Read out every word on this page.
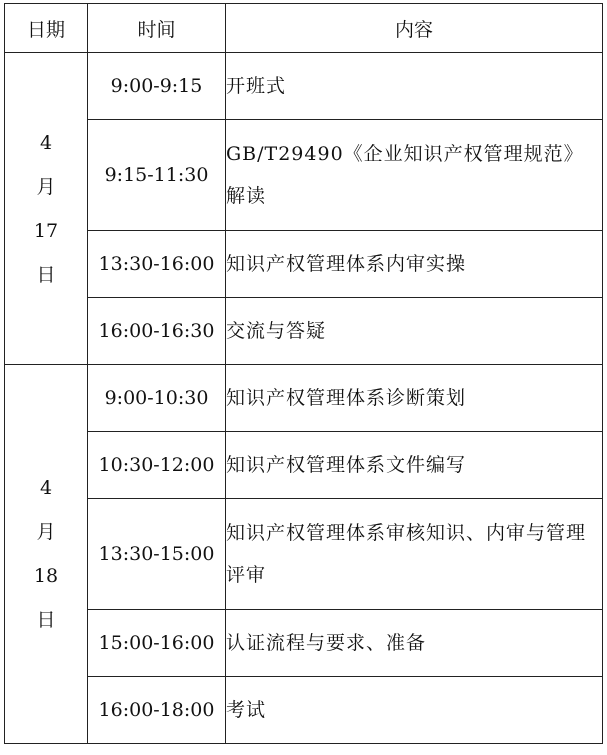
日期	时间	内容

4
月
17
日	9:00-9:15	开班式
	9:15-11:30	GB/T29490《企业知识产权管理规范》解读
	13:30-16:00	知识产权管理体系内审实操
	16:00-16:30	交流与答疑

4
月
18
日	9:00-10:30	知识产权管理体系诊断策划
	10:30-12:00	知识产权管理体系文件编写
	13:30-15:00	知识产权管理体系审核知识、内审与管理评审
	15:00-16:00	认证流程与要求、准备
	16:00-18:00	考试
